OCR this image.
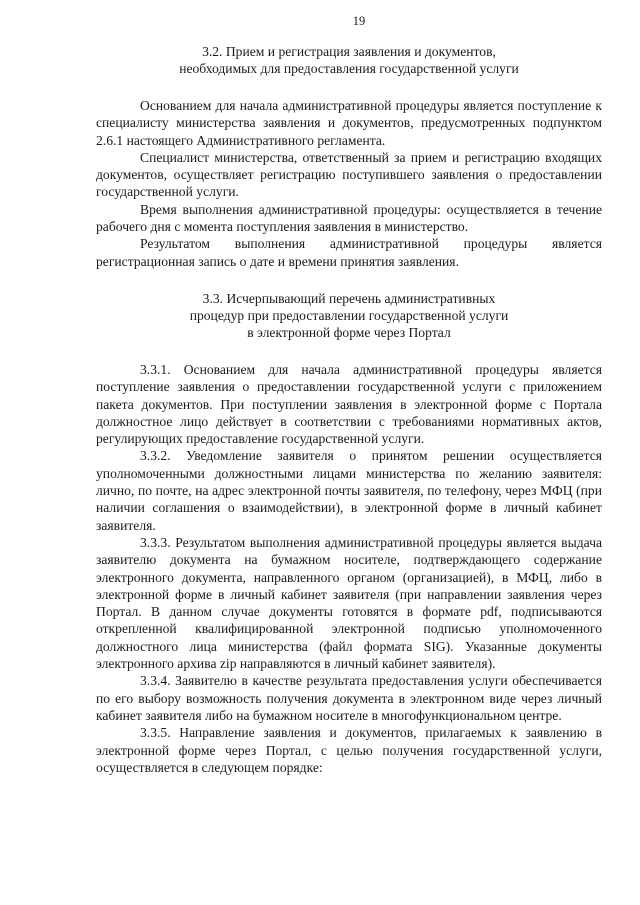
19

3.2. Прием и регистрация заявления и документов,
необходимых для предоставления государственной услуги

Основанием для начала административной процедуры является поступление к специалисту министерства заявления и документов, предусмотренных подпунктом 2.6.1 настоящего Административного регламента.

Специалист министерства, ответственный за прием и регистрацию входящих документов, осуществляет регистрацию поступившего заявления о предоставлении государственной услуги.

Время выполнения административной процедуры: осуществляется в течение рабочего дня с момента поступления заявления в министерство.

Результатом выполнения административной процедуры является регистрационная запись о дате и времени принятия заявления.

3.3. Исчерпывающий перечень административных
процедур при предоставлении государственной услуги
в электронной форме через Портал

3.3.1. Основанием для начала административной процедуры является поступление заявления о предоставлении государственной услуги с приложением пакета документов. При поступлении заявления в электронной форме с Портала должностное лицо действует в соответствии с требованиями нормативных актов, регулирующих предоставление государственной услуги.

3.3.2. Уведомление заявителя о принятом решении осуществляется уполномоченными должностными лицами министерства по желанию заявителя: лично, по почте, на адрес электронной почты заявителя, по телефону, через МФЦ (при наличии соглашения о взаимодействии), в электронной форме в личный кабинет заявителя.

3.3.3. Результатом выполнения административной процедуры является выдача заявителю документа на бумажном носителе, подтверждающего содержание электронного документа, направленного органом (организацией), в МФЦ, либо в электронной форме в личный кабинет заявителя (при направлении заявления через Портал. В данном случае документы готовятся в формате pdf, подписываются открепленной квалифицированной электронной подписью уполномоченного должностного лица министерства (файл формата SIG). Указанные документы электронного архива zip направляются в личный кабинет заявителя).

3.3.4. Заявителю в качестве результата предоставления услуги обеспечивается по его выбору возможность получения документа в электронном виде через личный кабинет заявителя либо на бумажном носителе в многофункциональном центре.

3.3.5. Направление заявления и документов, прилагаемых к заявлению в электронной форме через Портал, с целью получения государственной услуги, осуществляется в следующем порядке:
